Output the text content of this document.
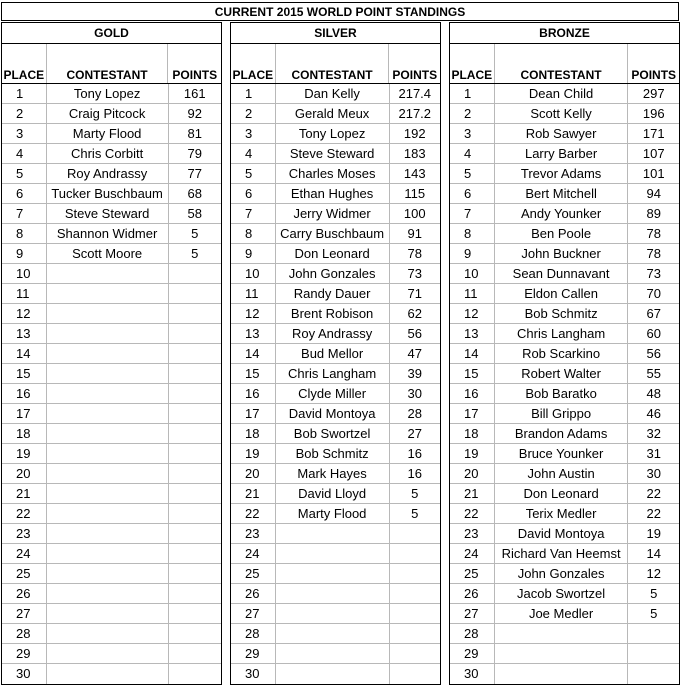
CURRENT 2015 WORLD POINT STANDINGS
GOLD
PLACE	CONTESTANT	POINTS
1	Tony Lopez	161
2	Craig Pitcock	92
3	Marty Flood	81
4	Chris Corbitt	79
5	Roy Andrassy	77
6	Tucker Buschbaum	68
7	Steve Steward	58
8	Shannon Widmer	5
9	Scott Moore	5
10
11
12
13
14
15
16
17
18
19
20
21
22
23
24
25
26
27
28
29
30
SILVER
PLACE	CONTESTANT	POINTS
1	Dan Kelly	217.4
2	Gerald Meux	217.2
3	Tony Lopez	192
4	Steve Steward	183
5	Charles Moses	143
6	Ethan Hughes	115
7	Jerry Widmer	100
8	Carry Buschbaum	91
9	Don Leonard	78
10	John Gonzales	73
11	Randy Dauer	71
12	Brent Robison	62
13	Roy Andrassy	56
14	Bud Mellor	47
15	Chris Langham	39
16	Clyde Miller	30
17	David Montoya	28
18	Bob Swortzel	27
19	Bob Schmitz	16
20	Mark Hayes	16
21	David Lloyd	5
22	Marty Flood	5
23
24
25
26
27
28
29
30
BRONZE
PLACE	CONTESTANT	POINTS
1	Dean Child	297
2	Scott Kelly	196
3	Rob Sawyer	171
4	Larry Barber	107
5	Trevor Adams	101
6	Bert Mitchell	94
7	Andy Younker	89
8	Ben Poole	78
9	John Buckner	78
10	Sean Dunnavant	73
11	Eldon Callen	70
12	Bob Schmitz	67
13	Chris Langham	60
14	Rob Scarkino	56
15	Robert Walter	55
16	Bob Baratko	48
17	Bill Grippo	46
18	Brandon Adams	32
19	Bruce Younker	31
20	John Austin	30
21	Don Leonard	22
22	Terix Medler	22
23	David Montoya	19
24	Richard Van Heemst	14
25	John Gonzales	12
26	Jacob Swortzel	5
27	Joe Medler	5
28
29
30
